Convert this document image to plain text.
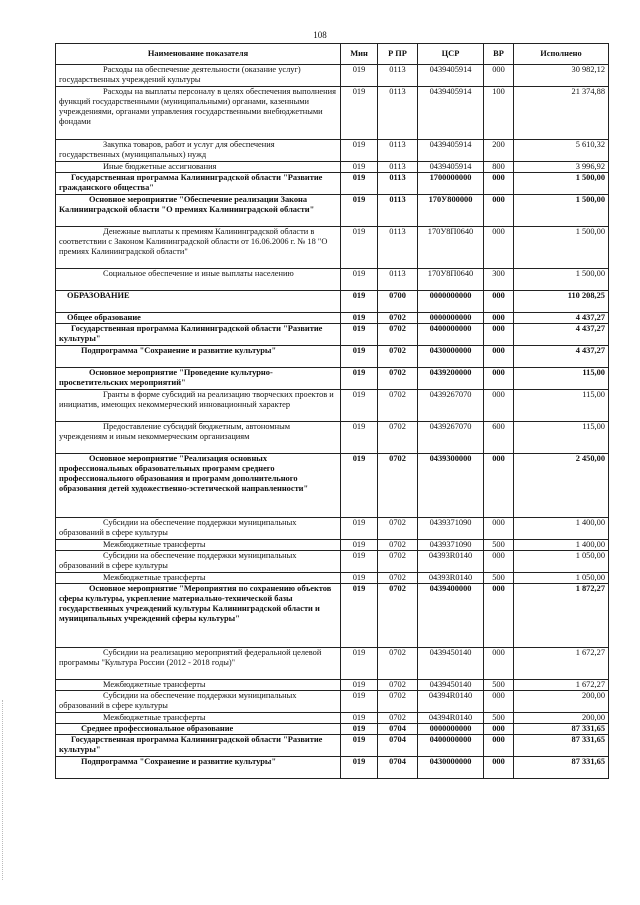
108
Наименование показателя	Мин	Р ПР	ЦСР	ВР	Исполнено
Расходы на обеспечение деятельности (оказание услуг) государственных учреждений культуры	019	0113	0439405914	000	30 982,12
Расходы на выплаты персоналу в целях обеспечения выполнения функций государственными (муниципальными) органами, казенными учреждениями, органами управления государственными внебюджетными фондами	019	0113	0439405914	100	21 374,88
Закупка товаров, работ и услуг для обеспечения государственных (муниципальных) нужд	019	0113	0439405914	200	5 610,32
Иные бюджетные ассигнования	019	0113	0439405914	800	3 996,92
Государственная программа Калининградской области "Развитие гражданского общества"	019	0113	1700000000	000	1 500,00
Основное мероприятие "Обеспечение реализации Закона Калининградской области "О премиях Калининградской области"	019	0113	170У800000	000	1 500,00
Денежные выплаты к премиям Калининградской области в соответствии с Законом Калининградской области от 16.06.2006 г. № 18 "О премиях Калининградской области"	019	0113	170У8П0640	000	1 500,00
Социальное обеспечение и иные выплаты населению	019	0113	170У8П0640	300	1 500,00
ОБРАЗОВАНИЕ	019	0700	0000000000	000	110 208,25
Общее образование	019	0702	0000000000	000	4 437,27
Государственная программа Калининградской области "Развитие культуры"	019	0702	0400000000	000	4 437,27
Подпрограмма "Сохранение и развитие культуры"	019	0702	0430000000	000	4 437,27
Основное мероприятие "Проведение культурно-просветительских мероприятий"	019	0702	0439200000	000	115,00
Гранты в форме субсидий на реализацию творческих проектов и инициатив, имеющих некоммерческий инновационный характер	019	0702	0439267070	000	115,00
Предоставление субсидий бюджетным, автономным учреждениям и иным некоммерческим организациям	019	0702	0439267070	600	115,00
Основное мероприятие "Реализация основных профессиональных образовательных программ среднего профессионального образования и программ дополнительного образования детей художественно-эстетической направленности"	019	0702	0439300000	000	2 450,00
Субсидии на обеспечение поддержки муниципальных образований в сфере культуры	019	0702	0439371090	000	1 400,00
Межбюджетные трансферты	019	0702	0439371090	500	1 400,00
Субсидии на обеспечение поддержки муниципальных образований в сфере культуры	019	0702	04393R0140	000	1 050,00
Межбюджетные трансферты	019	0702	04393R0140	500	1 050,00
Основное мероприятие "Мероприятия по сохранению объектов сферы культуры, укрепление материально-технической базы государственных учреждений культуры Калининградской области и муниципальных учреждений сферы культуры"	019	0702	0439400000	000	1 872,27
Субсидии на реализацию мероприятий федеральной целевой программы "Культура России (2012 - 2018 годы)"	019	0702	0439450140	000	1 672,27
Межбюджетные трансферты	019	0702	0439450140	500	1 672,27
Субсидии на обеспечение поддержки муниципальных образований в сфере культуры	019	0702	04394R0140	000	200,00
Межбюджетные трансферты	019	0702	04394R0140	500	200,00
Среднее профессиональное образование	019	0704	0000000000	000	87 331,65
Государственная программа Калининградской области "Развитие культуры"	019	0704	0400000000	000	87 331,65
Подпрограмма "Сохранение и развитие культуры"	019	0704	0430000000	000	87 331,65
